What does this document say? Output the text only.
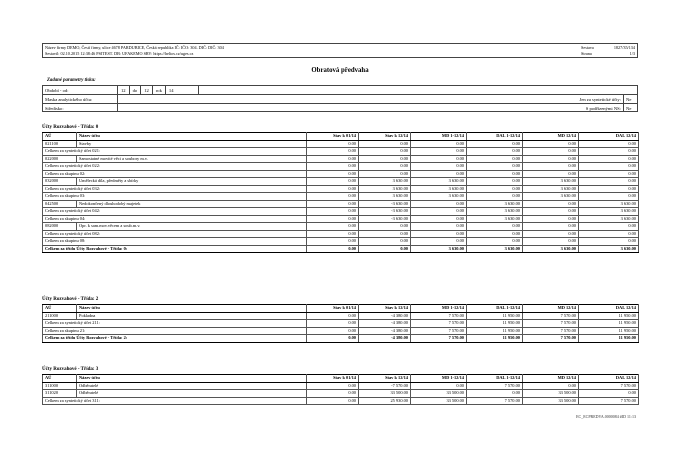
Název firmy DEMO, Čestí firmy, ulice 4678 PARDUBICE, Česká republika IČ: IČO: 304. DIČ: DIČ: 304
Sestavil: 02.10.2015 12:38:46 PSITEST. DB: UFAKEMO SRV: https://helios.cz/uges.cz
Sestava	1827/35/134
Strana	1/3
Obratová předvaha
Zadané parametry tisku:
Období - od:	12	do	12	rok	14
Maska analytického účtu:	Jen za syntetické účty:	Ne
Středisko:	S podřízenými NS:	Ne
Účty Rozvahové - Třída: 0
AÚ	Název účtu	Stav k 01/14	Stav k 12/14	MD 1-12/14	DAL 1-12/14	MD 12/14	DAL 12/14
021100	Stavby	0.00	0.00	0.00	0.00	0.00	0.00
Celkem za syntetický účet 021:		0.00	0.00	0.00	0.00	0.00	0.00
022000	Samostatné movité věci a soubory m.v.	0.00	0.00	0.00	0.00	0.00	0.00
Celkem za syntetický účet 022:		0.00	0.00	0.00	0.00	0.00	0.00
Celkem za skupinu 02:		0.00	0.00	0.00	0.00	0.00	0.00
032000	Umělecká díla, předměty a sbírky	0.00	3 630.00	3 630.00	0.00	3 630.00	0.00
Celkem za syntetický účet 032:		0.00	3 630.00	3 630.00	0.00	3 630.00	0.00
Celkem za skupinu 03:		0.00	3 630.00	3 630.00	0.00	3 630.00	0.00
042500	Nedokončený dlouhodobý majetek	0.00	-3 630.00	0.00	3 630.00	0.00	3 630.00
Celkem za syntetický účet 042:		0.00	-3 630.00	0.00	3 630.00	0.00	3 630.00
Celkem za skupinu 04:		0.00	-3 630.00	0.00	3 630.00	0.00	3 630.00
082000	Opr. k sam.mov.věcem a soub.m.v.	0.00	0.00	0.00	0.00	0.00	0.00
Celkem za syntetický účet 082:		0.00	0.00	0.00	0.00	0.00	0.00
Celkem za skupinu 08:		0.00	0.00	0.00	0.00	0.00	0.00
Celkem za třídu Účty Rozvahové - Třída: 0:		0.00	0.00	3 630.00	3 630.00	3 630.00	3 630.00
Účty Rozvahové - Třída: 2
AÚ	Název účtu	Stav k 01/14	Stav k 12/14	MD 1-12/14	DAL 1-12/14	MD 12/14	DAL 12/14
211000	Pokladna	0.00	-4 380.00	7 570.00	11 950.00	7 570.00	11 950.00
Celkem za syntetický účet 211:		0.00	-4 380.00	7 570.00	11 950.00	7 570.00	11 950.00
Celkem za skupinu 21:		0.00	-4 380.00	7 570.00	11 950.00	7 570.00	11 950.00
Celkem za třídu Účty Rozvahové - Třída: 2:		0.00	-4 380.00	7 570.00	11 950.00	7 570.00	11 950.00
Účty Rozvahové - Třída: 3
AÚ	Název účtu	Stav k 01/14	Stav k 12/14	MD 1-12/14	DAL 1-12/14	MD 12/14	DAL 12/14
311000	Odběratelé	0.00	-7 570.00	0.00	7 570.00	0.00	7 570.00
311020	Odběratelé	0.00	33 500.00	33 500.00	0.00	33 500.00	0.00
Celkem za syntetický účet 311:		0.00	25 930.00	33 500.00	7 570.00	33 500.00	7 570.00
EC_ECPREDVA.0000084 #ID 11:13
